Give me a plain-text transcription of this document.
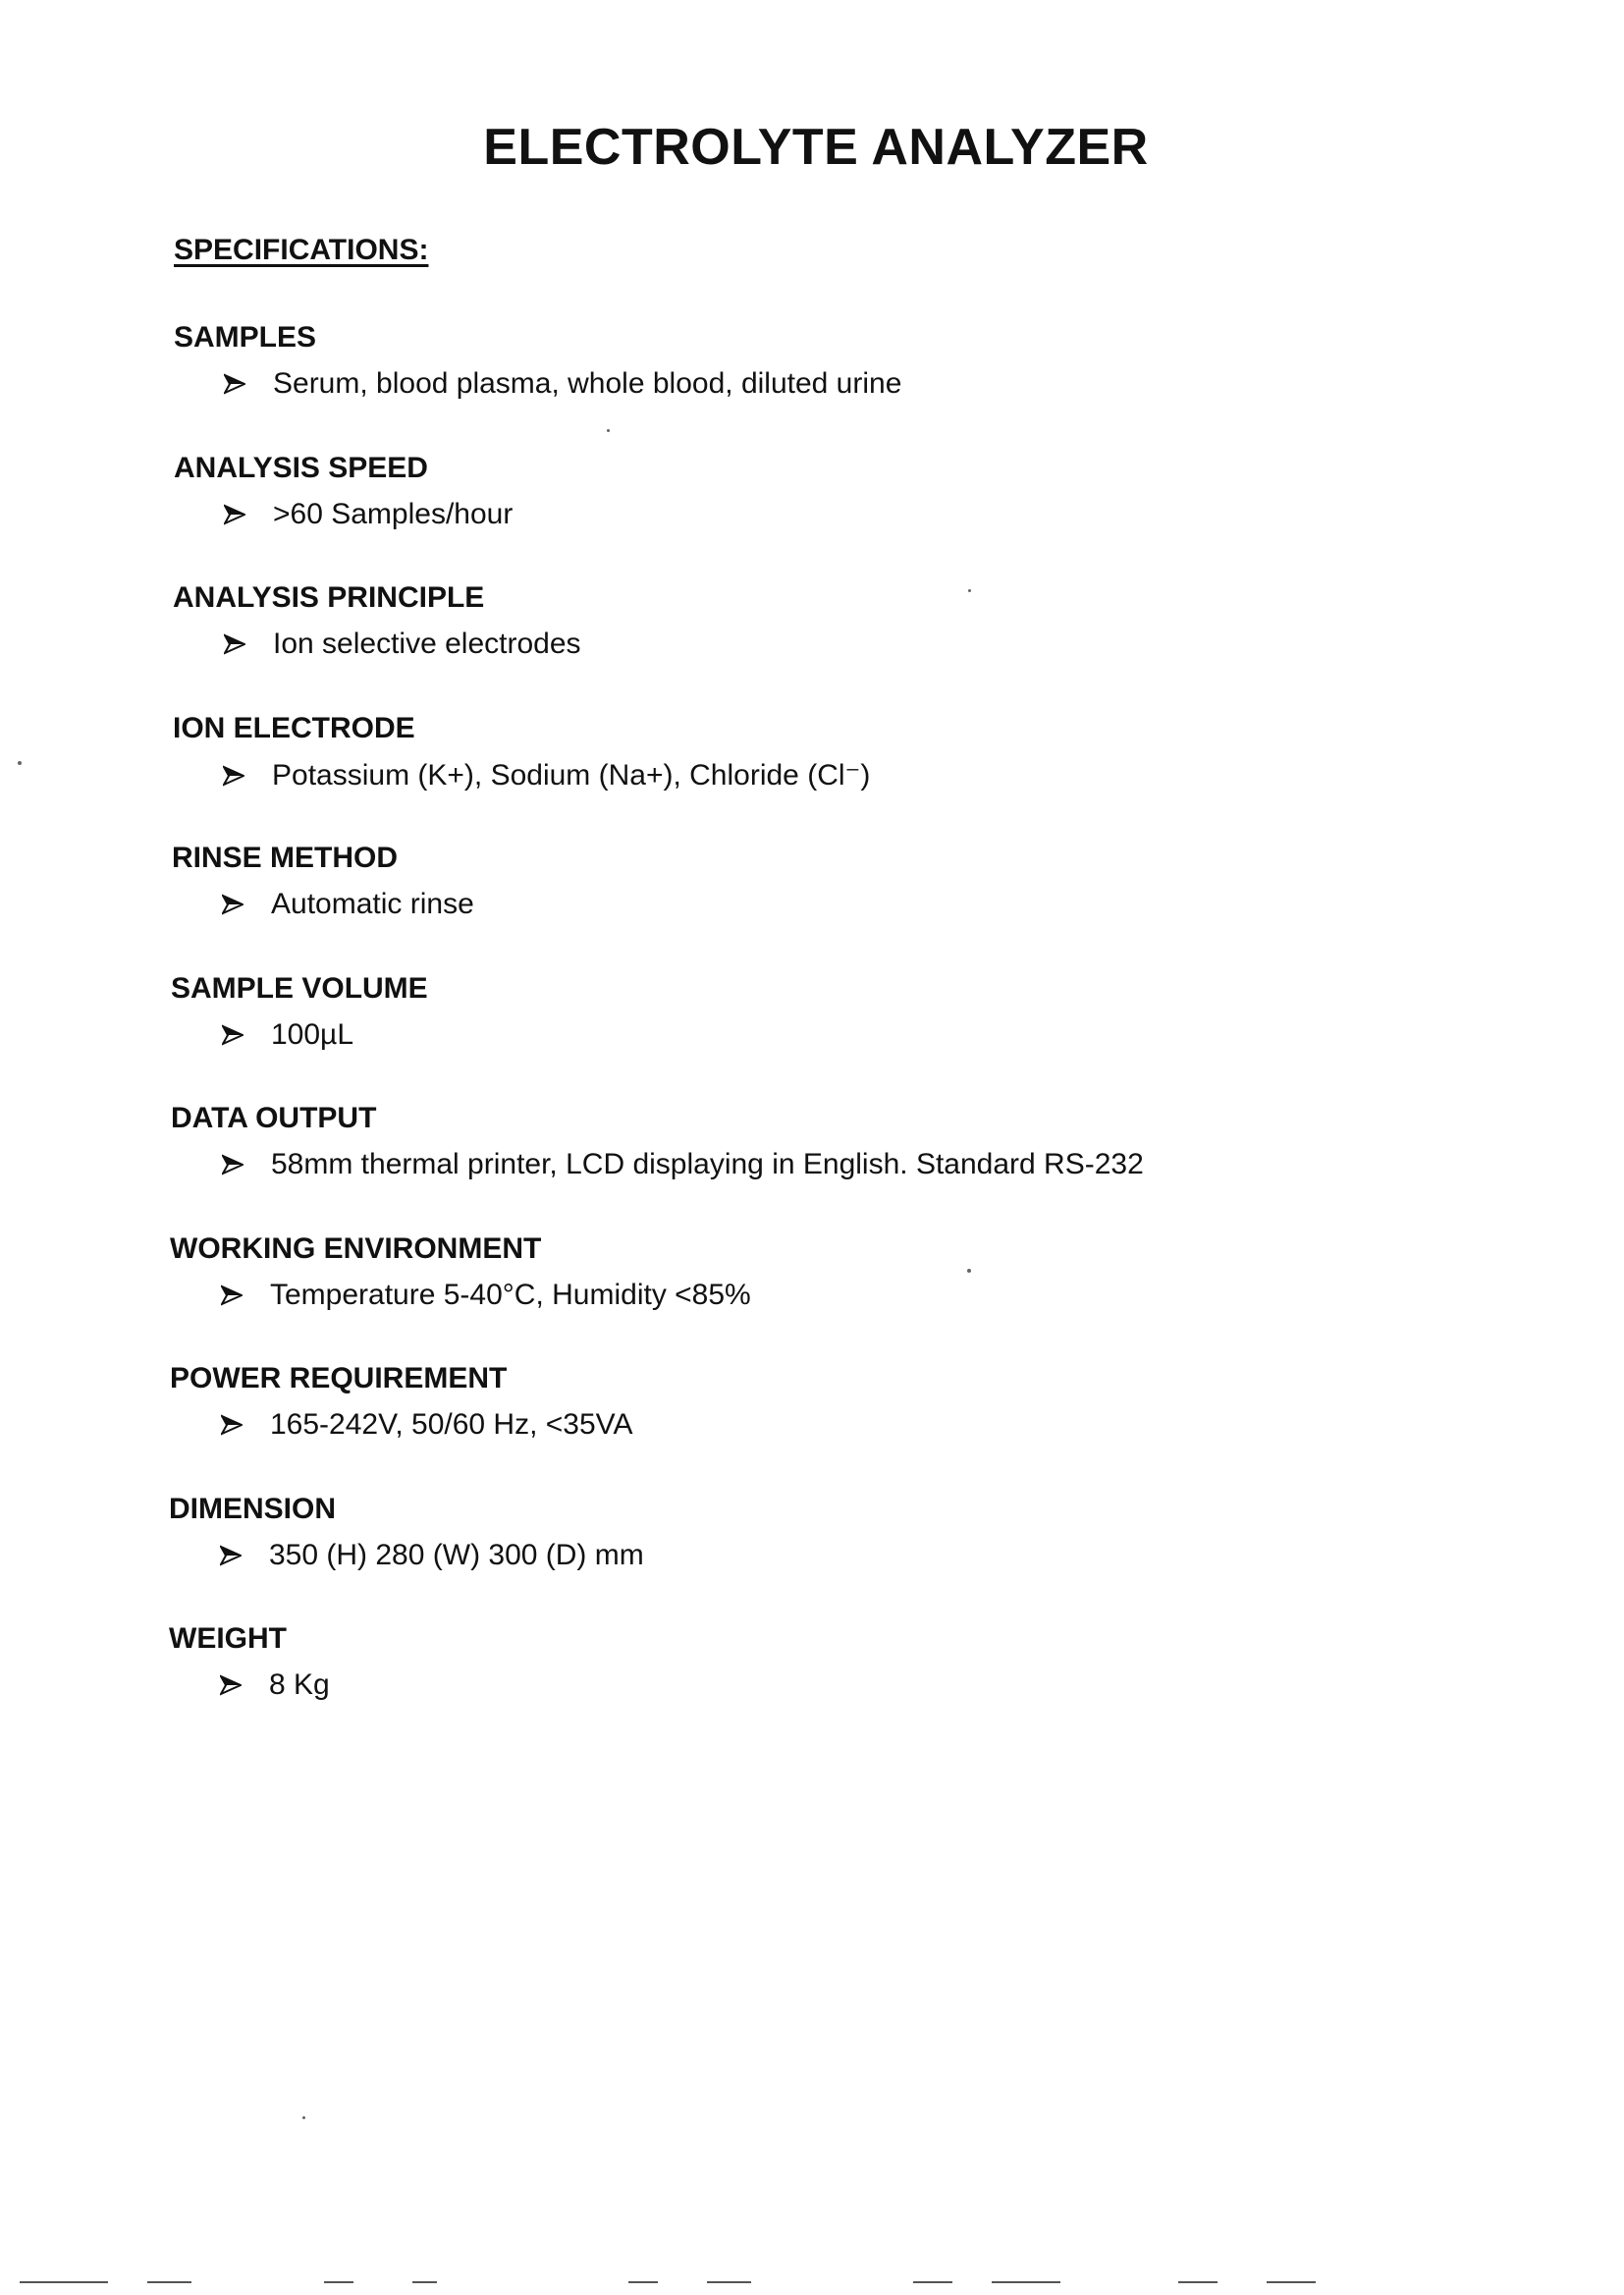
ELECTROLYTE ANALYZER
SPECIFICATIONS:
SAMPLES
Serum, blood plasma, whole blood, diluted urine
ANALYSIS SPEED
>60 Samples/hour
ANALYSIS PRINCIPLE
Ion selective electrodes
ION ELECTRODE
Potassium (K+), Sodium (Na+), Chloride (Cl⁻)
RINSE METHOD
Automatic rinse
SAMPLE VOLUME
100µL
DATA OUTPUT
58mm thermal printer, LCD displaying in English. Standard RS-232
WORKING ENVIRONMENT
Temperature 5-40°C, Humidity <85%
POWER REQUIREMENT
165-242V, 50/60 Hz, <35VA
DIMENSION
350 (H) 280 (W) 300 (D) mm
WEIGHT
8 Kg
